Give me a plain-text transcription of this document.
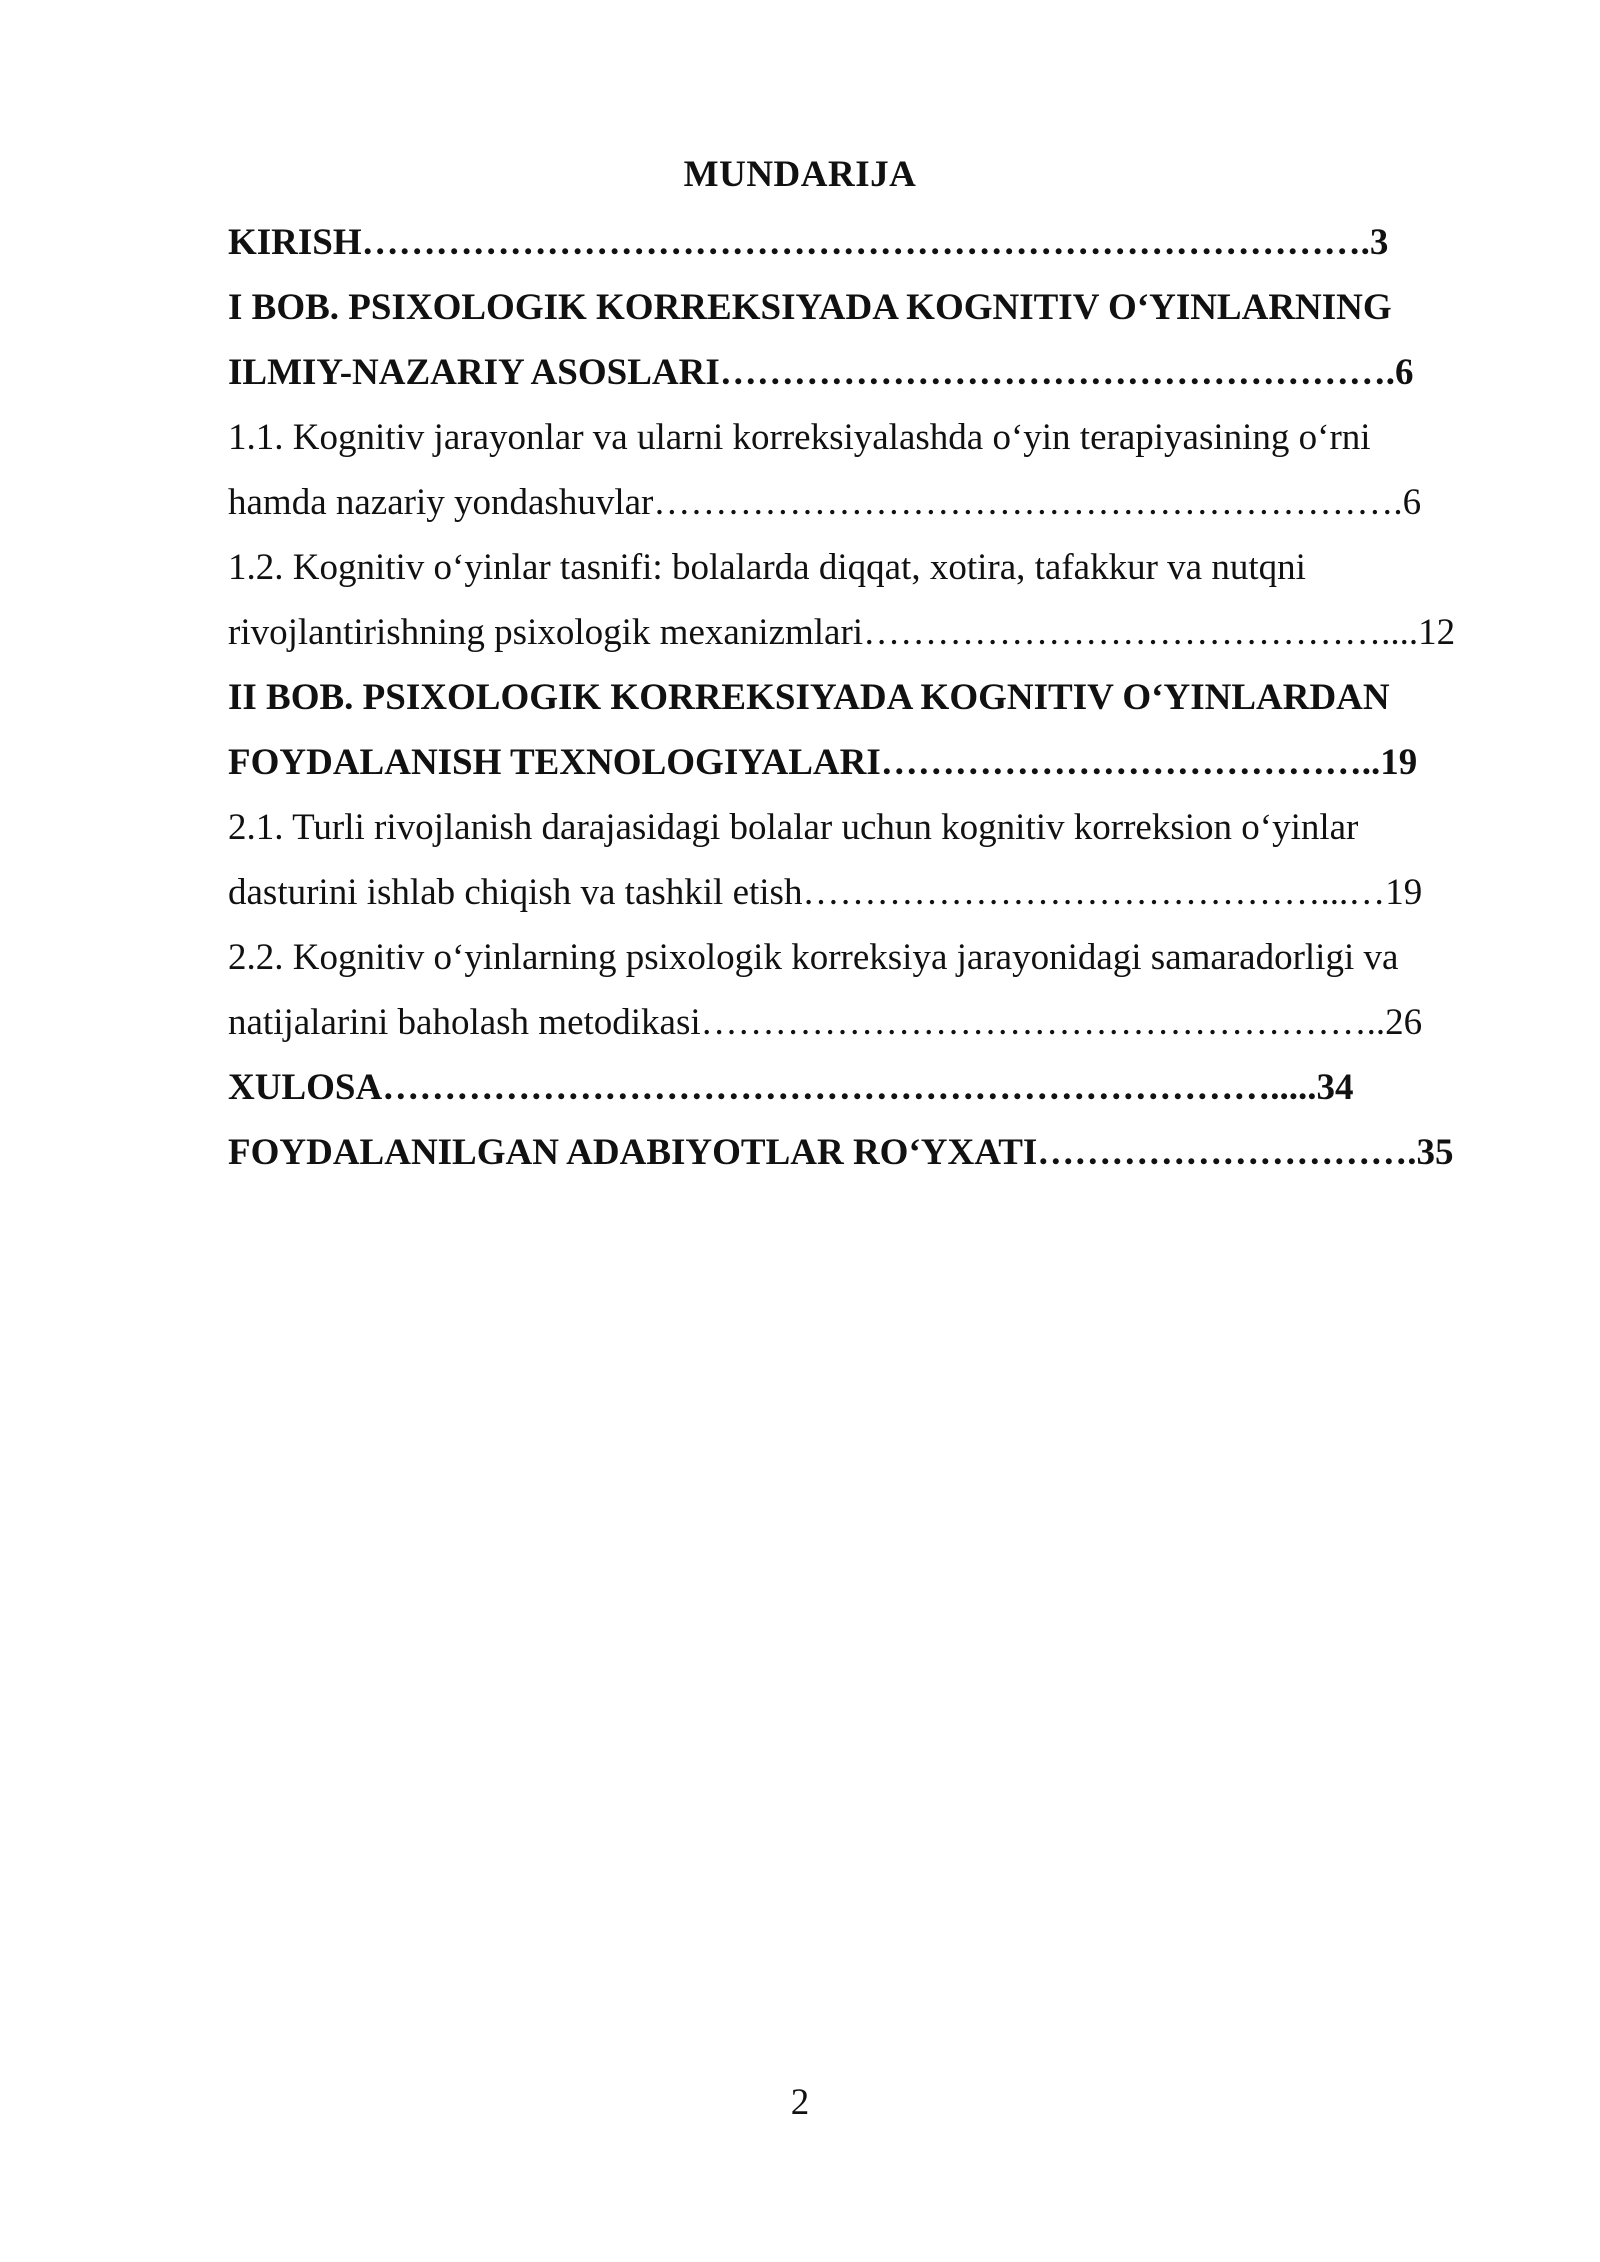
MUNDARIJA
KIRISH……………………………………………………………………….3
I BOB. PSIXOLOGIK KORREKSIYADA KOGNITIV O‘YINLARNING
ILMIY-NAZARIY ASOSLARI……………………………………………….6
1.1. Kognitiv jarayonlar va ularni korreksiyalashda o‘yin terapiyasining o‘rni
hamda nazariy yondashuvlar…………………………………………………….6
1.2. Kognitiv o‘yinlar tasnifi: bolalarda diqqat, xotira, tafakkur va nutqni
rivojlantirishning psixologik mexanizmlari……………………………………....12
II BOB. PSIXOLOGIK KORREKSIYADA KOGNITIV O‘YINLARDAN
FOYDALANISH TEXNOLOGIYALARI…………………………………..19
2.1. Turli rivojlanish darajasidagi bolalar uchun kognitiv korreksion o‘yinlar
dasturini ishlab chiqish va tashkil etish……………………………………...…19
2.2. Kognitiv o‘yinlarning psixologik korreksiya jarayonidagi samaradorligi va
natijalarini baholash metodikasi………………………………………………..26
XULOSA……………………………………………………………….....34
FOYDALANILGAN ADABIYOTLAR RO‘YXATI………………………….35
2
